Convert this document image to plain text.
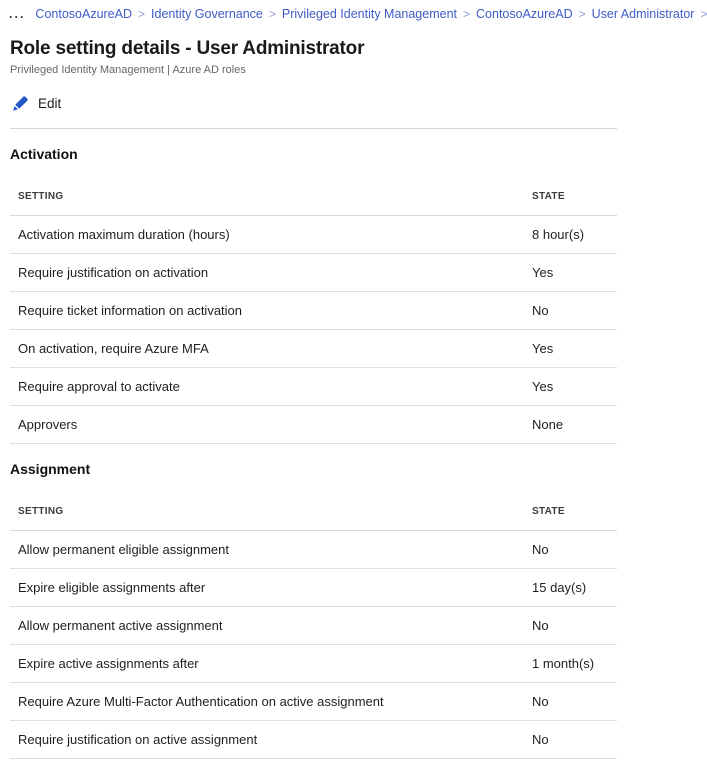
... ContosoAzureAD > Identity Governance > Privileged Identity Management > ContosoAzureAD > User Administrator >
Role setting details - User Administrator
Privileged Identity Management | Azure AD roles
Edit
Activation
SETTING	STATE
Activation maximum duration (hours)	8 hour(s)
Require justification on activation	Yes
Require ticket information on activation	No
On activation, require Azure MFA	Yes
Require approval to activate	Yes
Approvers	None
Assignment
SETTING	STATE
Allow permanent eligible assignment	No
Expire eligible assignments after	15 day(s)
Allow permanent active assignment	No
Expire active assignments after	1 month(s)
Require Azure Multi-Factor Authentication on active assignment	No
Require justification on active assignment	No
